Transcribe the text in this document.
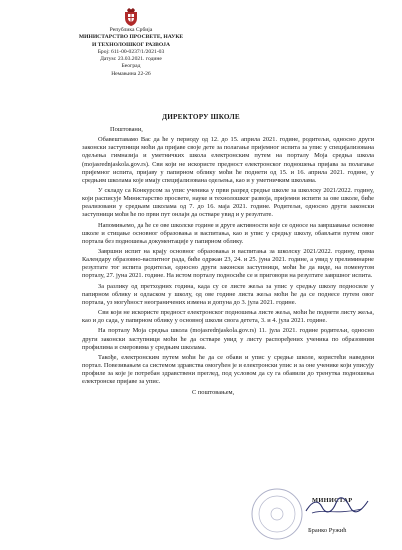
Република Србија
МИНИСТАРСТВО ПРОСВЕТЕ, НАУКЕ
И ТЕХНОЛОШКОГ РАЗВОЈА
Број: 611-00-0237/1/2021-03
Датум: 23.03.2021. године
Београд
Немањина 22-26
ДИРЕКТОРУ ШКОЛЕ

Поштовани,

Обавештавамо Вас да ће у периоду од 12. до 15. априла 2021. године, родитељи, односно други законски заступници моћи да пријаве своје дете за полагање пријемног испита за упис у специјализована одељења гимназија и уметничких школа електронским путем на порталу Моја средња школа (mojasrednjaskola.gov.rs). Сви који не искористе предност електронског подношења пријава за полагање пријемног испита, пријаву у папирном облику моћи ће поднети од 15. и 16. априла 2021. године, у средњим школама које имају специјализована одељења, као и у уметничким школама.

У складу са Конкурсом за упис ученика у први разред средње школе за школску 2021/2022. годину, који расписује Министарство просвете, науке и технолошког развоја, пријемни испити за ове школе, биће реализовани у средњим школама од 7. до 16. маја 2021. године. Родитељи, односно други законски заступници моћи ће по први пут онлајн да остваре увид и у резултате.

Напомињемо, да ће се ове школске године и друге активности које се односе на завршавање основне школе и стицање основног образовања и васпитања, као и упис у средњу школу, обављати путем овог портала без подношења документације у папирном облику.

Завршни испит на крају основног образовања и васпитања за школску 2021/2022. годину, према Календару образовно-васпитног рада, биће одржан 23, 24. и 25. јуна 2021. године, а увид у прелиминарне резултате тог испита родитељи, односно други законски заступници, моћи ће да виде, на поменутом порталу, 27. јуна 2021. године. На истом порталу подносиће се и приговори на резултате завршног испита.

За разлику од претходних година, када су се листе жеља за упис у средњу школу подносиле у папирном облику и одласком у школу, од ове године листа жеља моћи ће да се поднесе путем овог портала, уз могућност неограничених измена и допуна до 3. јула 2021. године.

Сви који не искористе предност електронског подношења листе жеља, моћи ће поднети листу жеља, као и до сада, у папирном облику у основној школи свога детета, 3. и 4. јула 2021. године.

На порталу Моја средња школа (mojasrednjaskola.gov.rs) 11. јула 2021. године родитељи, односно други законски заступници моћи ће да остваре увид у листу распоређених ученика по образовним профилима и смеровима у средњим школама.

Такође, електронским путем моћи ће да се обави и упис у средње школе, користећи наведени портал. Повезивањем са системом здравства омогућен је и електронски упис и за оне ученике који уписују профиле за које је потребан здравствени преглед, под условом да су га обавили до тренутка подношења електронске пријаве за упис.

С поштовањем,

МИНИСТАР
Бранко Ружић
